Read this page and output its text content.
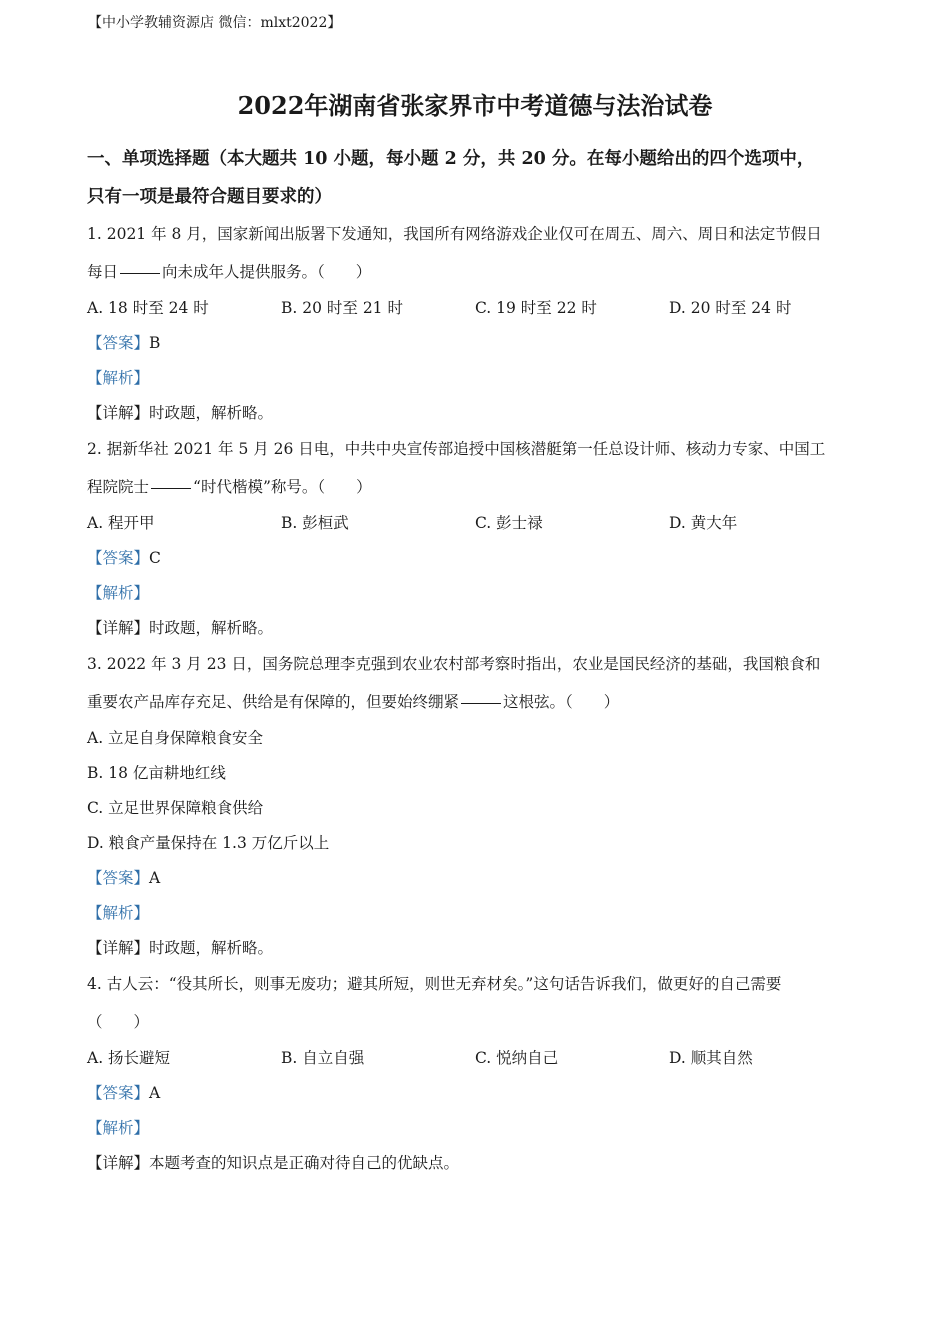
【中小学教辅资源店 微信：mlxt2022】
2022年湖南省张家界市中考道德与法治试卷
一、单项选择题（本大题共 10 小题，每小题 2 分，共 20 分。在每小题给出的四个选项中，
只有一项是最符合题目要求的）
1. 2021 年 8 月，国家新闻出版署下发通知，我国所有网络游戏企业仅可在周五、周六、周日和法定节假日
每日	向未成年人提供服务。（　　）
A. 18 时至 24 时	B. 20 时至 21 时	C. 19 时至 22 时	D. 20 时至 24 时
【答案】B
【解析】
【详解】时政题，解析略。
2. 据新华社 2021 年 5 月 26 日电，中共中央宣传部追授中国核潜艇第一任总设计师、核动力专家、中国工
程院院士	“时代楷模”称号。（　　）
A. 程开甲	B. 彭桓武	C. 彭士禄	D. 黄大年
【答案】C
【解析】
【详解】时政题，解析略。
3. 2022 年 3 月 23 日，国务院总理李克强到农业农村部考察时指出，农业是国民经济的基础，我国粮食和
重要农产品库存充足、供给是有保障的，但要始终绷紧	这根弦。（　　）
A. 立足自身保障粮食安全
B. 18 亿亩耕地红线
C. 立足世界保障粮食供给
D. 粮食产量保持在 1.3 万亿斤以上
【答案】A
【解析】
【详解】时政题，解析略。
4. 古人云：“役其所长，则事无废功；避其所短，则世无弃材矣。”这句话告诉我们，做更好的自己需要
（　　）
A. 扬长避短	B. 自立自强	C. 悦纳自己	D. 顺其自然
【答案】A
【解析】
【详解】本题考查的知识点是正确对待自己的优缺点。
